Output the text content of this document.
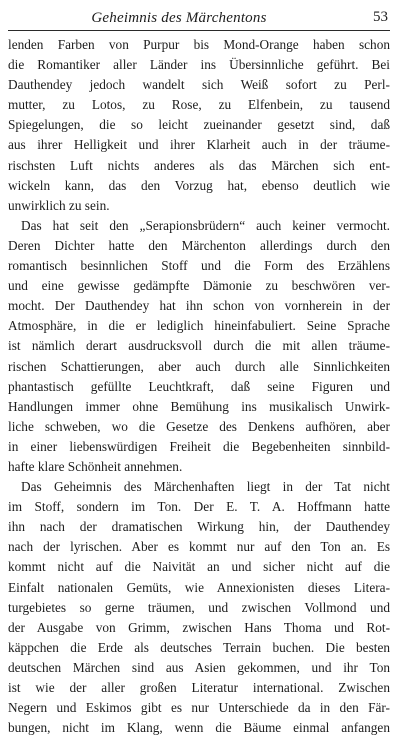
Geheimnis des Märchentons	53
lenden Farben von Purpur bis Mond-Orange haben schon
die Romantiker aller Länder ins Übersinnliche geführt. Bei
Dauthendey jedoch wandelt sich Weiß sofort zu Perl-
mutter, zu Lotos, zu Rose, zu Elfenbein, zu tausend
Spiegelungen, die so leicht zueinander gesetzt sind, daß
aus ihrer Helligkeit und ihrer Klarheit auch in der träume-
rischsten Luft nichts anderes als das Märchen sich ent-
wickeln kann, das den Vorzug hat, ebenso deutlich wie
unwirklich zu sein.
Das hat seit den „Serapionsbrüdern“ auch keiner vermocht.
Deren Dichter hatte den Märchenton allerdings durch den
romantisch besinnlichen Stoff und die Form des Erzählens
und eine gewisse gedämpfte Dämonie zu beschwören ver-
mocht. Der Dauthendey hat ihn schon von vornherein in der
Atmosphäre, in die er lediglich hineinfabuliert. Seine Sprache
ist nämlich derart ausdrucksvoll durch die mit allen träume-
rischen Schattierungen, aber auch durch alle Sinnlichkeiten
phantastisch gefüllte Leuchtkraft, daß seine Figuren und
Handlungen immer ohne Bemühung ins musikalisch Unwirk-
liche schweben, wo die Gesetze des Denkens aufhören, aber
in einer liebenswürdigen Freiheit die Begebenheiten sinnbild-
hafte klare Schönheit annehmen.
Das Geheimnis des Märchenhaften liegt in der Tat nicht
im Stoff, sondern im Ton. Der E. T. A. Hoffmann hatte
ihn nach der dramatischen Wirkung hin, der Dauthendey
nach der lyrischen. Aber es kommt nur auf den Ton an. Es
kommt nicht auf die Naivität an und sicher nicht auf die
Einfalt nationalen Gemüts, wie Annexionisten dieses Litera-
turgebietes so gerne träumen, und zwischen Vollmond und
der Ausgabe von Grimm, zwischen Hans Thoma und Rot-
käppchen die Erde als deutsches Terrain buchen. Die besten
deutschen Märchen sind aus Asien gekommen, und ihr Ton
ist wie der aller großen Literatur international. Zwischen
Negern und Eskimos gibt es nur Unterschiede da in den Fär-
bungen, nicht im Klang, wenn die Bäume einmal anfangen
